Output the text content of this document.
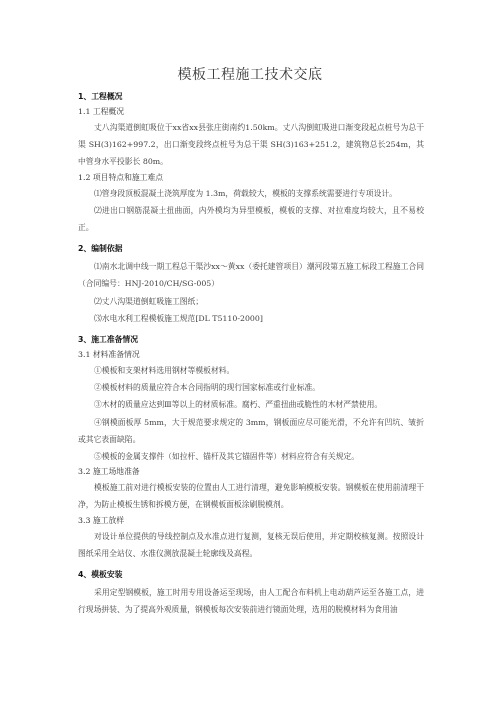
模板工程施工技术交底
1、工程概况
1.1 工程概况

丈八沟渠道倒虹吸位于xx省xx县张庄街南约1.50km。丈八沟倒虹吸进口渐变段起点桩号为总干渠 SH(3)162+997.2，出口渐变段终点桩号为总干渠 SH(3)163+251.2，建筑物总长254m，其中管身水平投影长 80m。

1.2 项目特点和施工难点

⑴管身段顶板混凝土浇筑厚度为 1.3m，荷载较大，模板的支撑系统需要进行专项设计。

⑵进出口钢筋混凝土扭曲面，内外模均为异型模板，模板的支撑、对拉难度均较大，且不易校正。

2、编制依据

⑴南水北调中线一期工程总干渠沙xx～黄xx（委托建管项目）潮河段第五施工标段工程施工合同（合同编号：HNJ-2010/CH/SG-005）

⑵丈八沟渠道倒虹吸施工图纸；

⑶水电水利工程模板施工规范[DL T5110-2000]

3、施工准备情况
3.1 材料准备情况

①模板和支架材料选用钢材等模板材料。

②模板材料的质量应符合本合同指明的现行国家标准或行业标准。

③木材的质量应达到Ⅲ等以上的材质标准。腐朽、严重扭曲或脆性的木材严禁使用。

④钢模面板厚 5mm，大于规范要求规定的 3mm，钢板面应尽可能光滑，不允许有凹坑、皱折或其它表面缺陷。

⑤模板的金属支撑件（如拉杆、锚杆及其它锚固件等）材料应符合有关规定。

3.2 施工场地准备

模板施工前对进行模板安装的位置由人工进行清理，避免影响模板安装。钢模板在使用前清理干净，为防止模板生锈和拆模方便，在钢模板面板涂刷脱模剂。

3.3 施工放样

对设计单位提供的导线控制点及水准点进行复测，复核无误后使用，并定期校核复测。按照设计图纸采用全站仪、水准仪测放混凝土轮廓线及高程。

4、模板安装

采用定型钢模板，施工时用专用设备运至现场，由人工配合布料机上电动葫芦运至各施工点，进行现场拼装、为了提高外观质量，钢模板每次安装前进行镜面处理，选用的脱模材料为食用油
